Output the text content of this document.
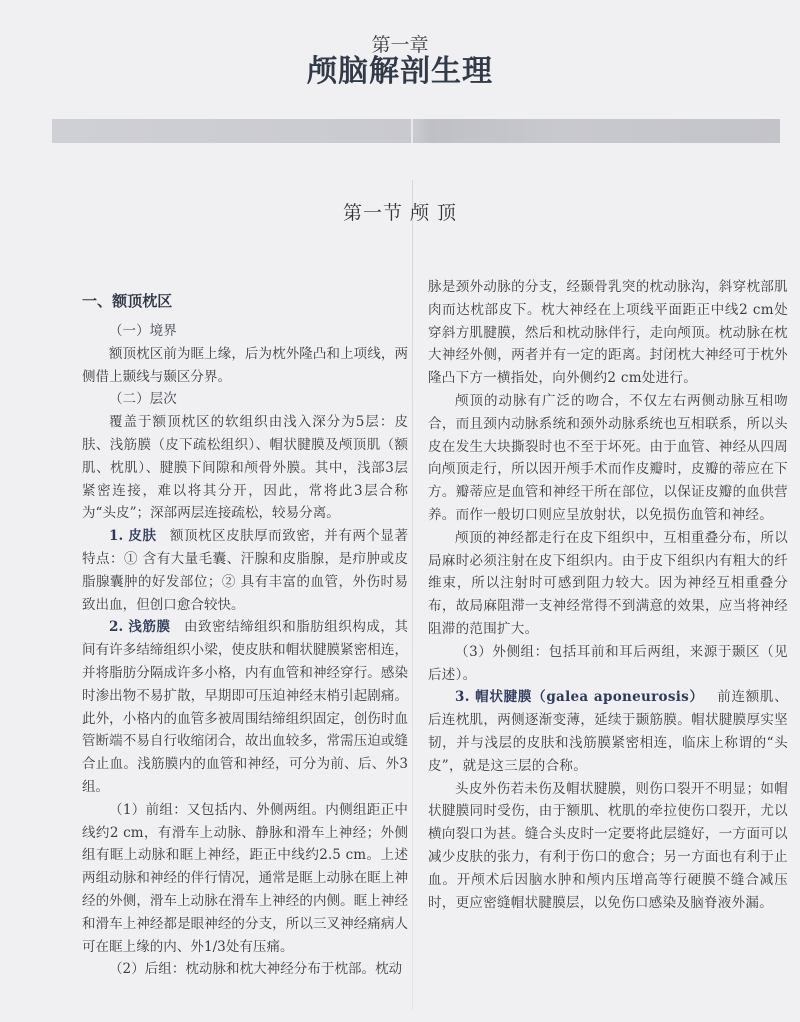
第一章
颅脑解剖生理
第一节 颅 顶
一、额顶枕区

（一）境界

额顶枕区前为眶上缘，后为枕外隆凸和上项线，两侧借上颞线与颞区分界。

（二）层次

覆盖于额顶枕区的软组织由浅入深分为5层：皮肤、浅筋膜（皮下疏松组织）、帽状腱膜及颅顶肌（额肌、枕肌）、腱膜下间隙和颅骨外膜。其中，浅部3层紧密连接，难以将其分开，因此，常将此3层合称为“头皮”；深部两层连接疏松，较易分离。

1. 皮肤 额顶枕区皮肤厚而致密，并有两个显著特点：① 含有大量毛囊、汗腺和皮脂腺，是疖肿或皮脂腺囊肿的好发部位；② 具有丰富的血管，外伤时易致出血，但创口愈合较快。

2. 浅筋膜 由致密结缔组织和脂肪组织构成，其间有许多结缔组织小梁，使皮肤和帽状腱膜紧密相连，并将脂肪分隔成许多小格，内有血管和神经穿行。感染时渗出物不易扩散，早期即可压迫神经末梢引起剧痛。此外，小格内的血管多被周围结缔组织固定，创伤时血管断端不易自行收缩闭合，故出血较多，常需压迫或缝合止血。浅筋膜内的血管和神经，可分为前、后、外3组。

（1）前组：又包括内、外侧两组。内侧组距正中线约2 cm，有滑车上动脉、静脉和滑车上神经；外侧组有眶上动脉和眶上神经，距正中线约2.5 cm。上述两组动脉和神经的伴行情况，通常是眶上动脉在眶上神经的外侧，滑车上动脉在滑车上神经的内侧。眶上神经和滑车上神经都是眼神经的分支，所以三叉神经痛病人可在眶上缘的内、外1/3处有压痛。

（2）后组：枕动脉和枕大神经分布于枕部。枕动

脉是颈外动脉的分支，经颞骨乳突的枕动脉沟，斜穿枕部肌肉而达枕部皮下。枕大神经在上项线平面距正中线2 cm处穿斜方肌腱膜，然后和枕动脉伴行，走向颅顶。枕动脉在枕大神经外侧，两者并有一定的距离。封闭枕大神经可于枕外隆凸下方一横指处，向外侧约2 cm处进行。

颅顶的动脉有广泛的吻合，不仅左右两侧动脉互相吻合，而且颈内动脉系统和颈外动脉系统也互相联系，所以头皮在发生大块撕裂时也不至于坏死。由于血管、神经从四周向颅顶走行，所以因开颅手术而作皮瓣时，皮瓣的蒂应在下方。瓣蒂应是血管和神经干所在部位，以保证皮瓣的血供营养。而作一般切口则应呈放射状，以免损伤血管和神经。

颅顶的神经都走行在皮下组织中，互相重叠分布，所以局麻时必须注射在皮下组织内。由于皮下组织内有粗大的纤维束，所以注射时可感到阻力较大。因为神经互相重叠分布，故局麻阻滞一支神经常得不到满意的效果，应当将神经阻滞的范围扩大。

（3）外侧组：包括耳前和耳后两组，来源于颞区（见后述）。

3. 帽状腱膜（galea aponeurosis） 前连额肌、后连枕肌，两侧逐渐变薄，延续于颞筋膜。帽状腱膜厚实坚韧，并与浅层的皮肤和浅筋膜紧密相连，临床上称谓的“头皮”，就是这三层的合称。

头皮外伤若未伤及帽状腱膜，则伤口裂开不明显；如帽状腱膜同时受伤，由于额肌、枕肌的牵拉使伤口裂开，尤以横向裂口为甚。缝合头皮时一定要将此层缝好，一方面可以减少皮肤的张力，有利于伤口的愈合；另一方面也有利于止血。开颅术后因脑水肿和颅内压增高等行硬膜不缝合减压时，更应密缝帽状腱膜层，以免伤口感染及脑脊液外漏。
